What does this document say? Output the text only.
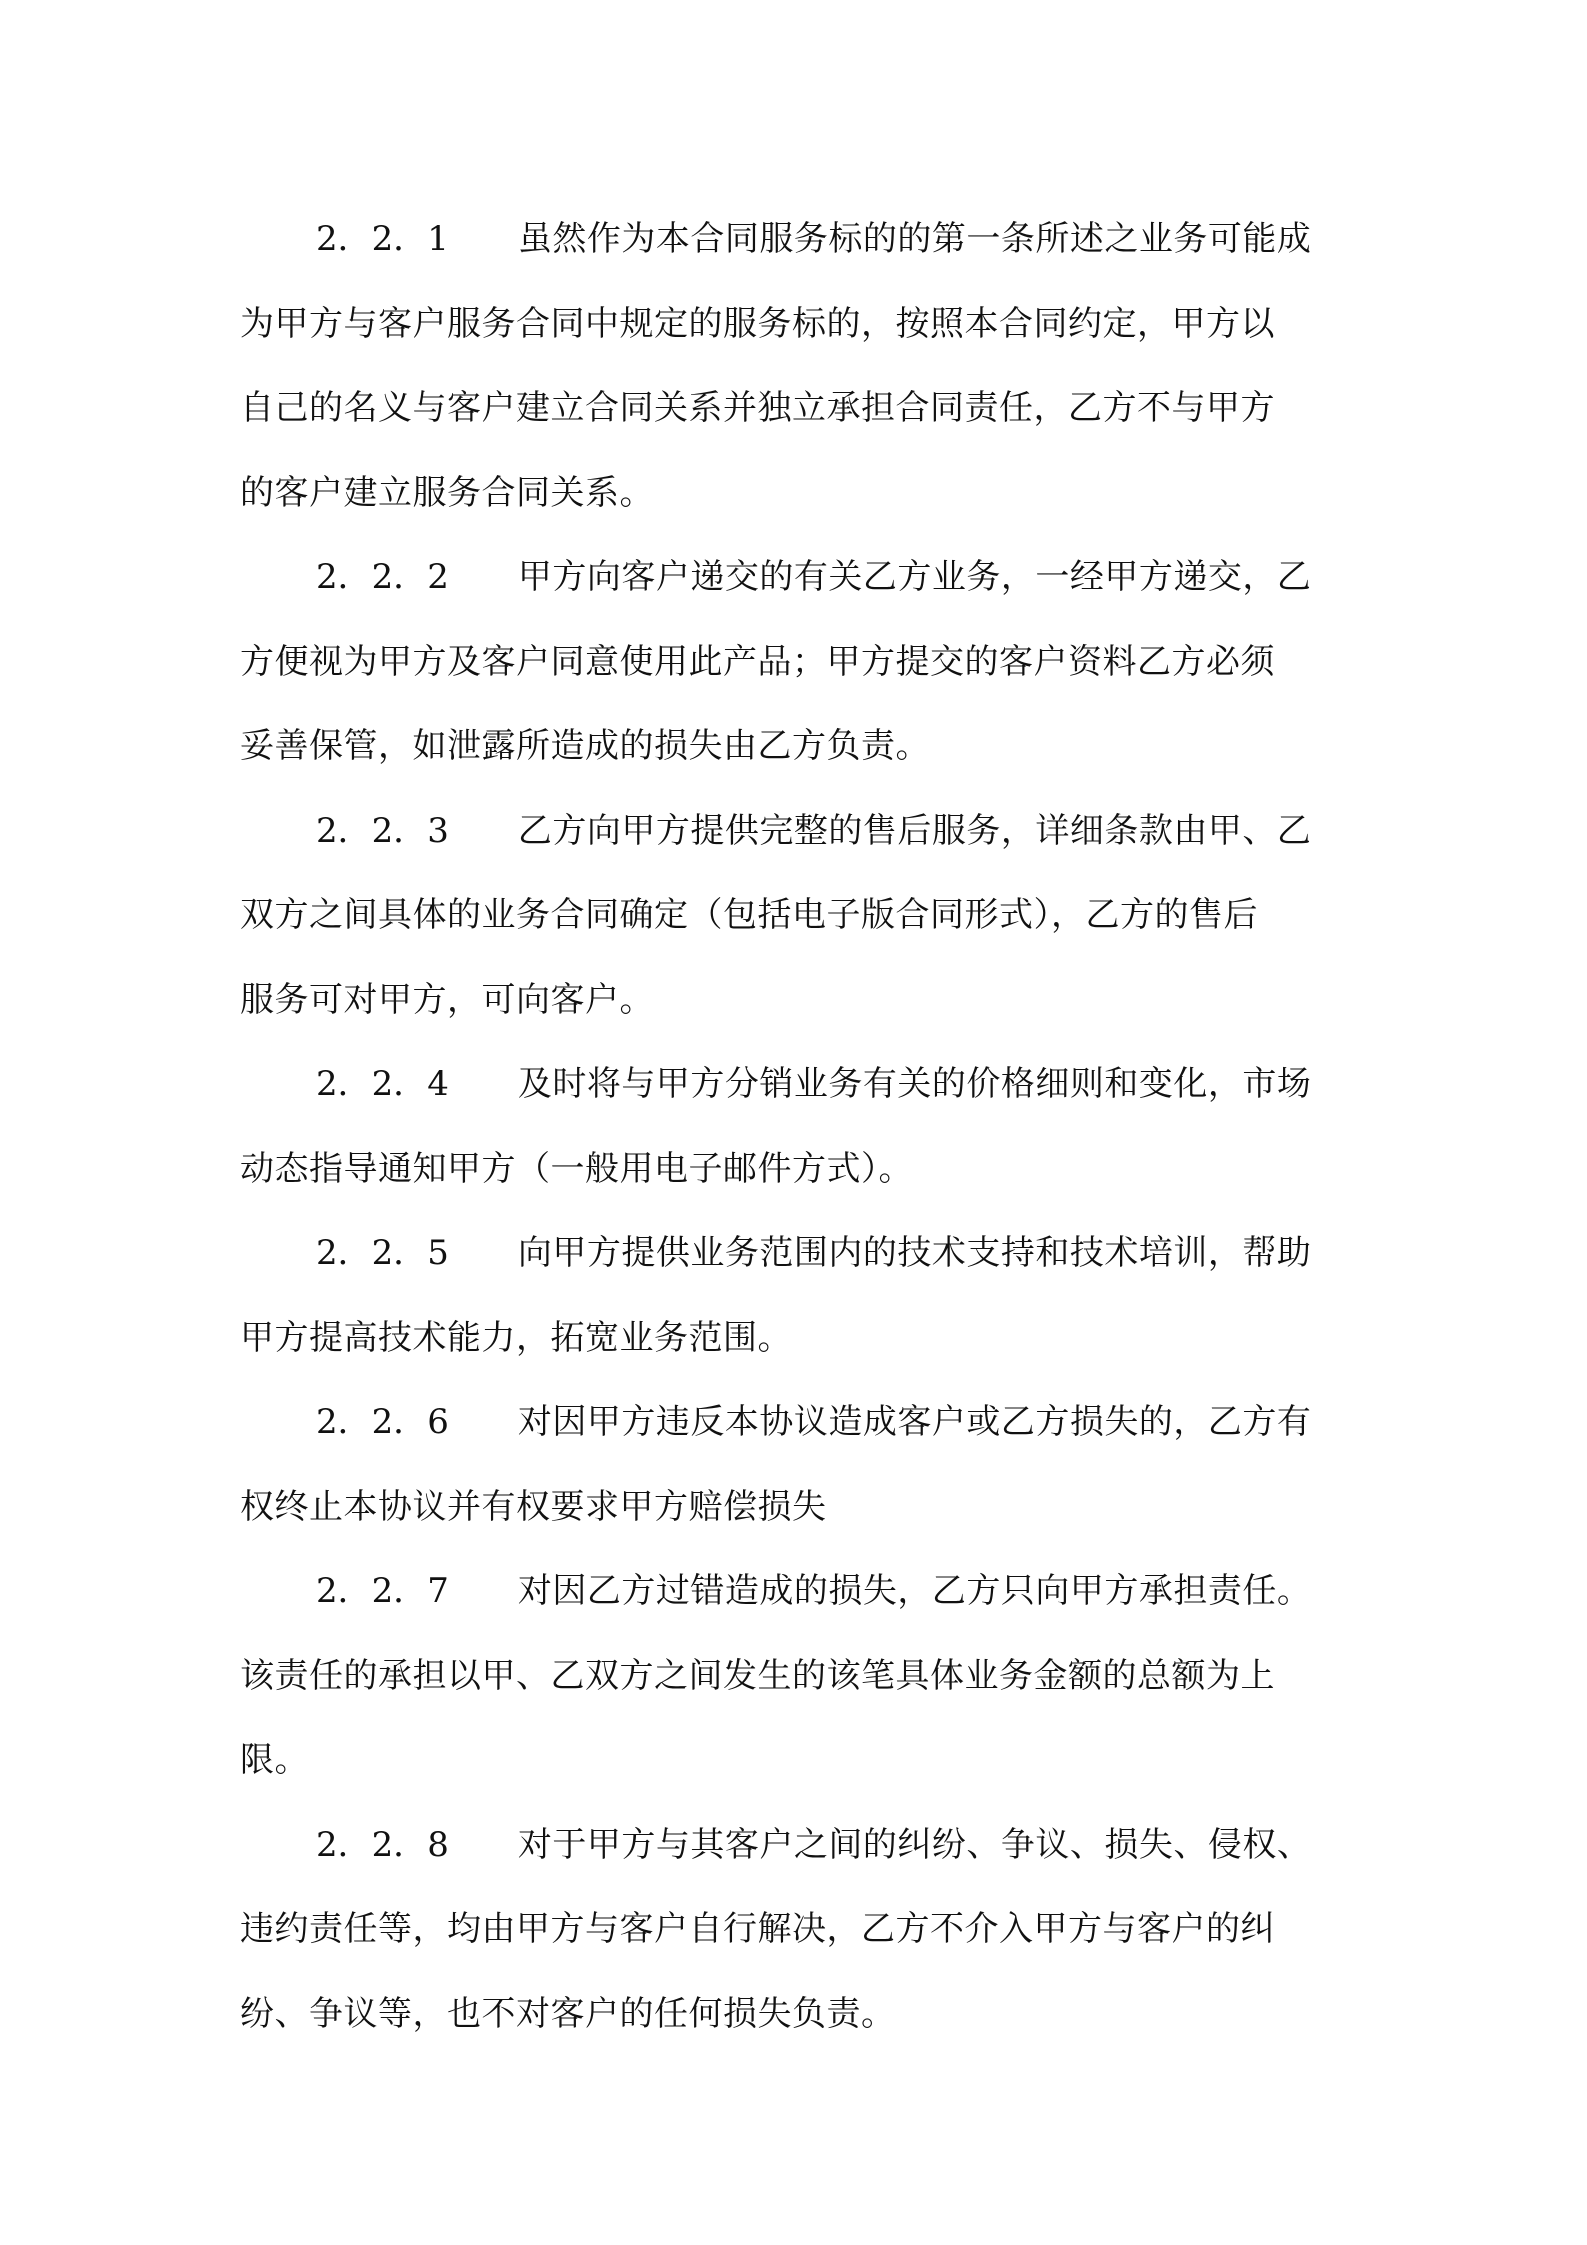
2．2．1　　 虽然作为本合同服务标的的第一条所述之业务可能成
为甲方与客户服务合同中规定的服务标的，按照本合同约定，甲方以
自己的名义与客户建立合同关系并独立承担合同责任，乙方不与甲方
的客户建立服务合同关系。
2．2．2　　 甲方向客户递交的有关乙方业务，一经甲方递交，乙
方便视为甲方及客户同意使用此产品；甲方提交的客户资料乙方必须
妥善保管，如泄露所造成的损失由乙方负责。
2．2．3　　 乙方向甲方提供完整的售后服务，详细条款由甲、乙
双方之间具体的业务合同确定（包括电子版合同形式），乙方的售后
服务可对甲方，可向客户。
2．2．4　　 及时将与甲方分销业务有关的价格细则和变化，市场
动态指导通知甲方（一般用电子邮件方式）。
2．2．5　　 向甲方提供业务范围内的技术支持和技术培训，帮助
甲方提高技术能力，拓宽业务范围。
2．2．6　　 对因甲方违反本协议造成客户或乙方损失的，乙方有
权终止本协议并有权要求甲方赔偿损失
2．2．7　　 对因乙方过错造成的损失，乙方只向甲方承担责任。
该责任的承担以甲、乙双方之间发生的该笔具体业务金额的总额为上
限。
2．2．8　　 对于甲方与其客户之间的纠纷、争议、损失、侵权、
违约责任等，均由甲方与客户自行解决，乙方不介入甲方与客户的纠
纷、争议等，也不对客户的任何损失负责。
